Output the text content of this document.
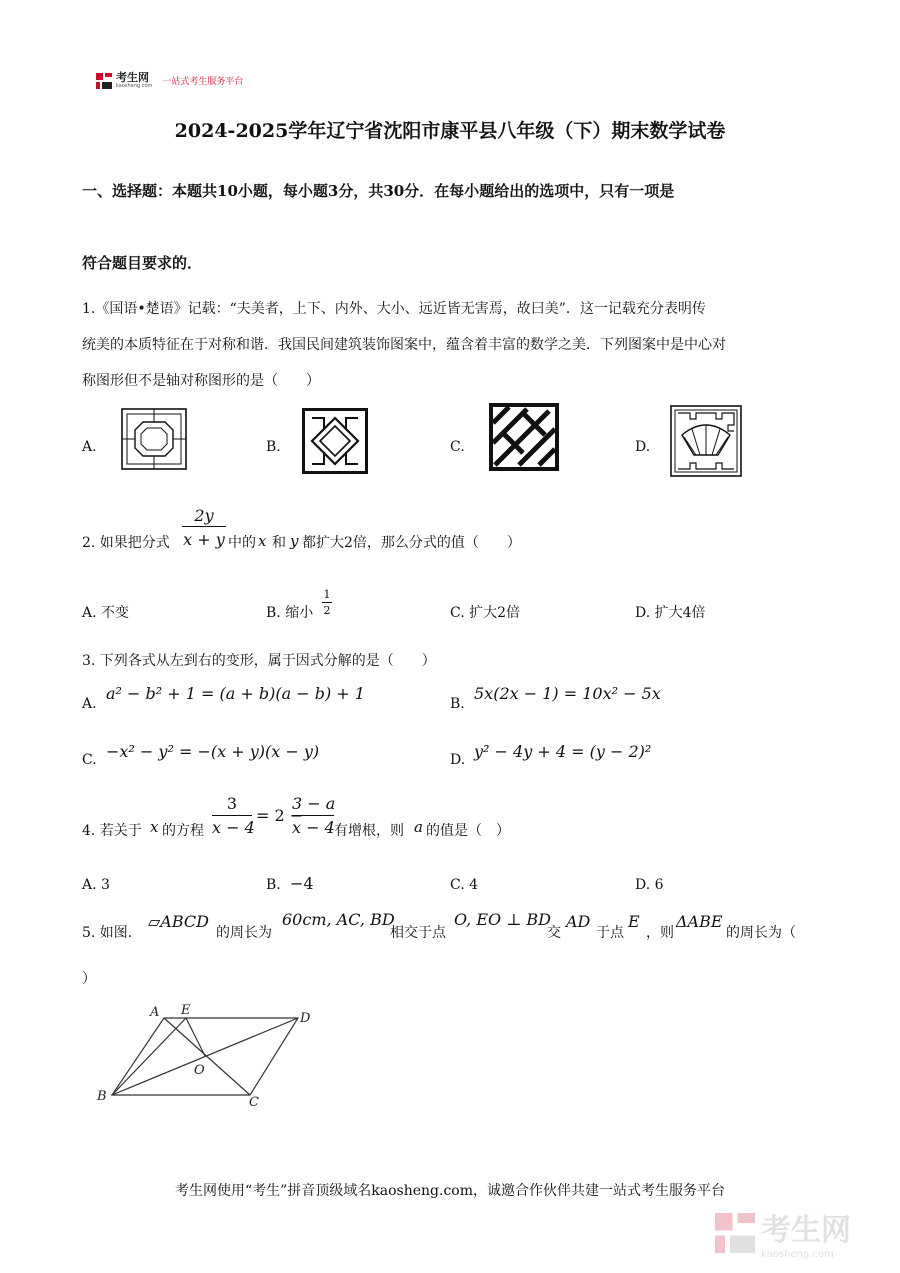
考生网
kaosheng.com 一站式考生服务平台
2024-2025学年辽宁省沈阳市康平县八年级（下）期末数学试卷
一、选择题：本题共10小题，每小题3分，共30分．在每小题给出的选项中，只有一项是
符合题目要求的．
1.《国语•楚语》记载：“夫美者，上下、内外、大小、远近皆无害焉，故曰美”．这一记载充分表明传
统美的本质特征在于对称和谐．我国民间建筑装饰图案中，蕴含着丰富的数学之美．下列图案中是中心对
称图形但不是轴对称图形的是（　　）
A.	B.	C.	D.
2. 如果把分式
2y
x + y 中的 x 和 y 都扩大2倍，那么分式的值（　　）
A. 不变	B. 缩小
1
2	C. 扩大2倍	D. 扩大4倍
3. 下列各式从左到右的变形，属于因式分解的是（　　）
A.
a² − b² + 1 = (a + b)(a − b) + 1
B.
5x(2x − 1) = 10x² − 5x
C. −x² − y² = −(x + y)(x − y)	D. y² − 4y + 4 = (y − 2)²
4. 若关于 x 的方程
3
x − 4
= 2 −
3 − a
x − 4 有增根，则 a 的值是（　）
A. 3	B. −4	C. 4	D. 6
5. 如图．
▱ABCD
的周长为
60cm, AC, BD
相交于点
O, EO ⊥ BD
交
AD
于点
E
，则
ΔABE
的周长为（
）
A E
D
O
B	C
考生网使用“考生”拼音顶级域名kaosheng.com，诚邀合作伙伴共建一站式考生服务平台
考生网
kaosheng.com
